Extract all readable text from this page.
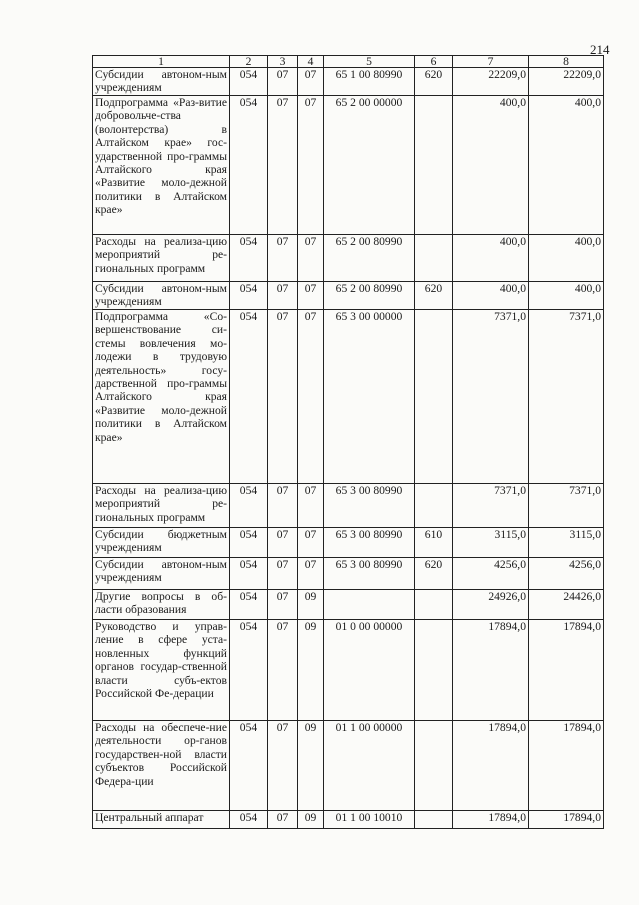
214
1	2	3	4	5	6	7	8
Субсидии автоном-ным учреждениям	054	07	07	65 1 00 80990	620	22209,0	22209,0
Подпрограмма «Раз-витие добровольче-ства (волонтерства) в Алтайском крае» гос-ударственной про-граммы Алтайского края «Развитие моло-дежной политики в Алтайском крае»	054	07	07	65 2 00 00000		400,0	400,0
Расходы на реализа-цию мероприятий ре-гиональных программ	054	07	07	65 2 00 80990		400,0	400,0
Субсидии автоном-ным учреждениям	054	07	07	65 2 00 80990	620	400,0	400,0
Подпрограмма «Со-вершенствование си-стемы вовлечения мо-лодежи в трудовую деятельность» госу-дарственной про-граммы Алтайского края «Развитие моло-дежной политики в Алтайском крае»	054	07	07	65 3 00 00000		7371,0	7371,0
Расходы на реализа-цию мероприятий ре-гиональных программ	054	07	07	65 3 00 80990		7371,0	7371,0
Субсидии бюджетным учреждениям	054	07	07	65 3 00 80990	610	3115,0	3115,0
Субсидии автоном-ным учреждениям	054	07	07	65 3 00 80990	620	4256,0	4256,0
Другие вопросы в об-ласти образования	054	07	09			24926,0	24426,0
Руководство и управ-ление в сфере уста-новленных функций органов государ-ственной власти субъ-ектов Российской Фе-дерации	054	07	09	01 0 00 00000		17894,0	17894,0
Расходы на обеспече-ние деятельности ор-ганов государствен-ной власти субъектов Российской Федера-ции	054	07	09	01 1 00 00000		17894,0	17894,0
Центральный аппарат	054	07	09	01 1 00 10010		17894,0	17894,0
